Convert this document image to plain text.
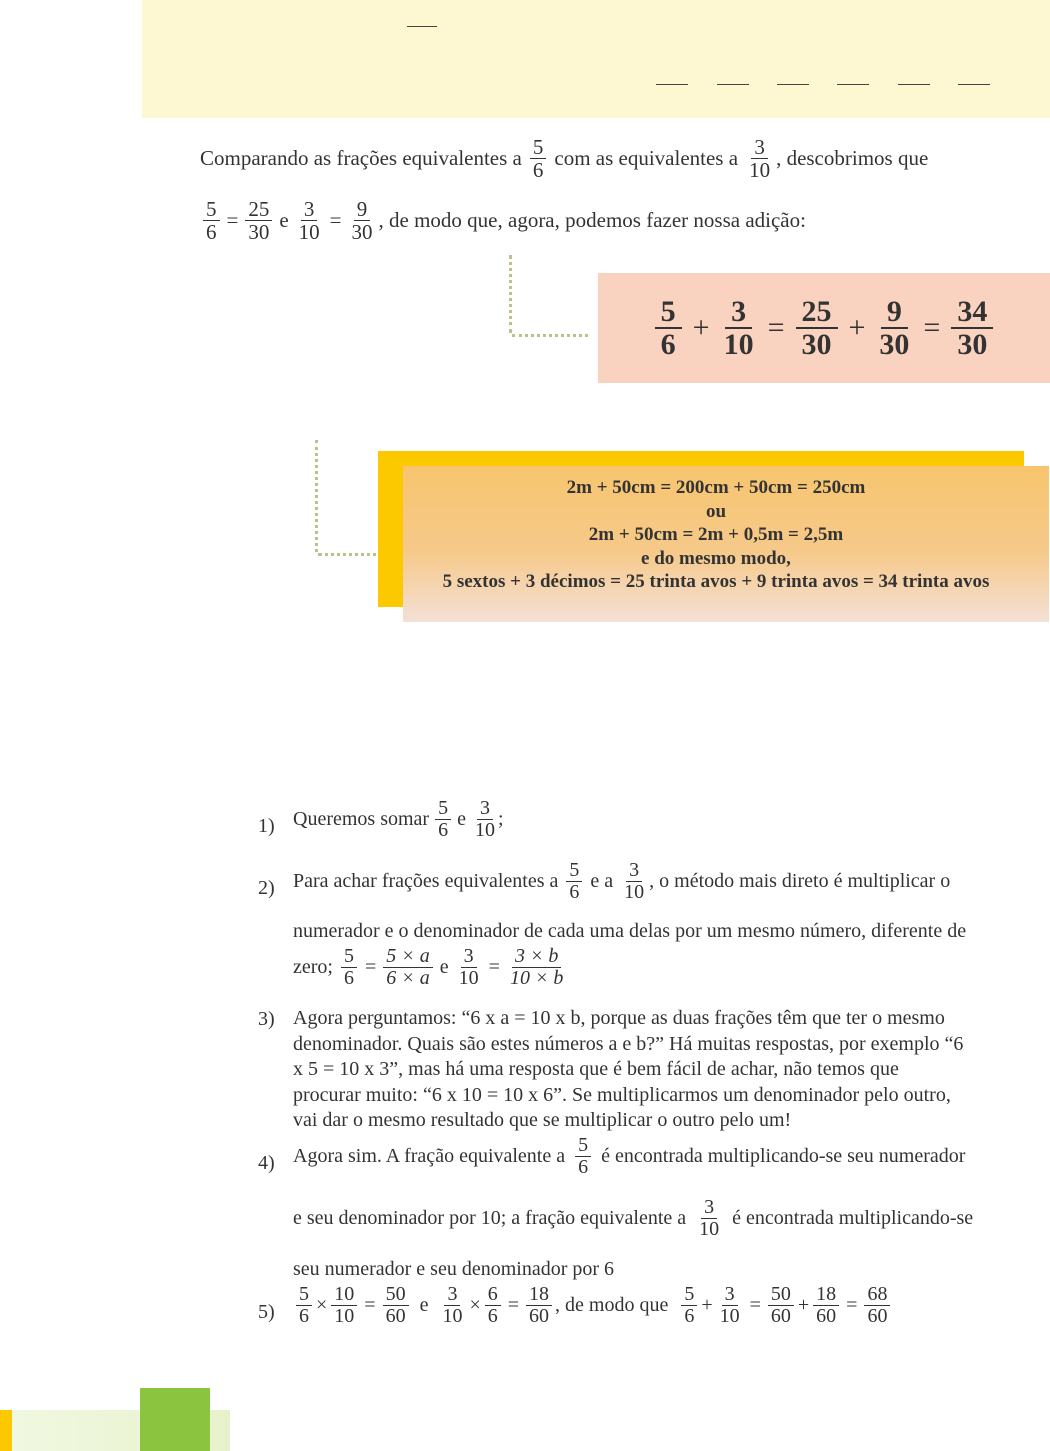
Comparando as frações equivalentes a $\frac{5}{6}$ com as equivalentes a $\frac{3}{10}$ , descobrimos que
$\frac{5}{6} = \frac{25}{30}$ e $\frac{3}{10} = \frac{9}{30}$ , de modo que, agora, podemos fazer nossa adição:
$\frac{5}{6} + \frac{3}{10} = \frac{25}{30} + \frac{9}{30} = \frac{34}{30}$
2m + 50cm = 200cm + 50cm = 250cm
ou
2m + 50cm = 2m + 0,5m = 2,5m
e do mesmo modo,
5 sextos + 3 décimos = 25 trinta avos + 9 trinta avos = 34 trinta avos
1) Queremos somar $\frac{5}{6}$ e $\frac{3}{10}$ ;
2) Para achar frações equivalentes a $\frac{5}{6}$ e a $\frac{3}{10}$ , o método mais direto é multiplicar o
numerador e o denominador de cada uma delas por um mesmo número, diferente de
zero; $\frac{5}{6} = \frac{5 \times a}{6 \times a}$ e $\frac{3}{10} = \frac{3 \times b}{10 \times b}$
3) Agora perguntamos: “6 x a = 10 x b, porque as duas frações têm que ter o mesmo
denominador. Quais são estes números a e b?” Há muitas respostas, por exemplo “6
x 5 = 10 x 3”, mas há uma resposta que é bem fácil de achar, não temos que
procurar muito: “6 x 10 = 10 x 6”. Se multiplicarmos um denominador pelo outro,
vai dar o mesmo resultado que se multiplicar o outro pelo um!
4) Agora sim. A fração equivalente a $\frac{5}{6}$ é encontrada multiplicando-se seu numerador
e seu denominador por 10; a fração equivalente a $\frac{3}{10}$ é encontrada multiplicando-se
seu numerador e seu denominador por 6
$5) \frac{5}{6} \times \frac{10}{10} = \frac{50}{60}$ e $\frac{3}{10} \times \frac{6}{6} = \frac{18}{60}$ , de modo que $\frac{5}{6} + \frac{3}{10} = \frac{50}{60} + \frac{18}{60} = \frac{68}{60}$
